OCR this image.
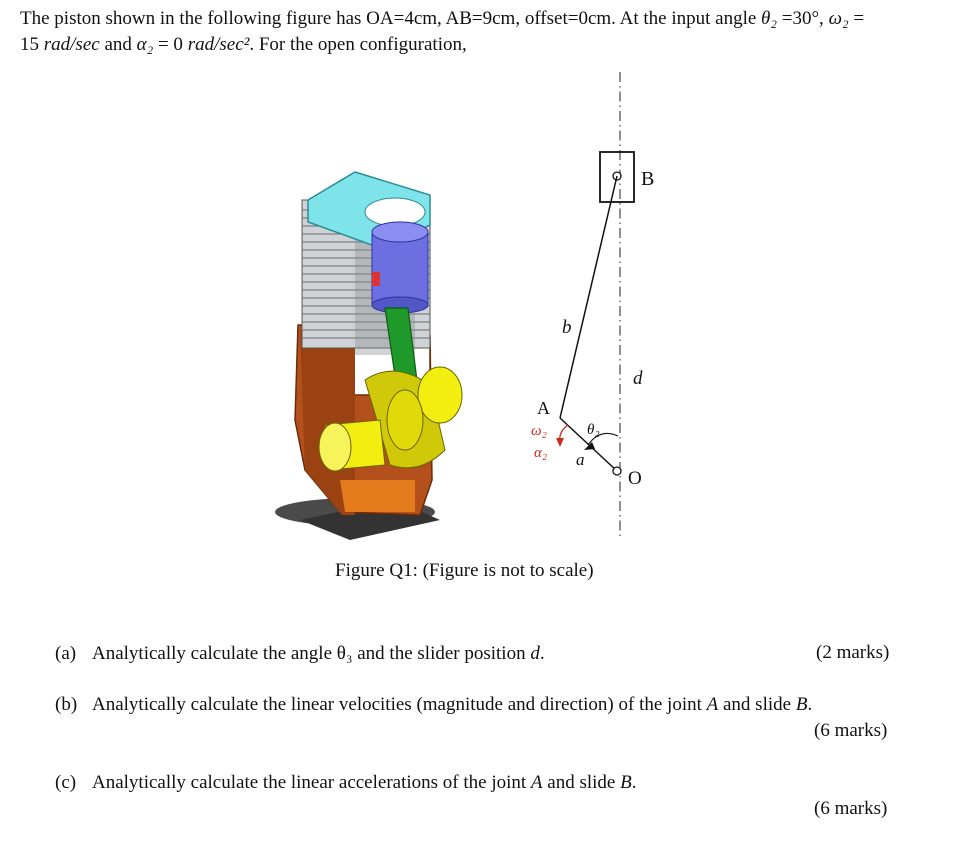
The piston shown in the following figure has OA=4cm, AB=9cm, offset=0cm. At the input angle θ₂ =30°, ω₂ =
15 rad/sec and α₂ = 0 rad/sec². For the open configuration,
B
b
d
A
ω₂
α₂
θ₂
a
O
Figure Q1: (Figure is not to scale)
(a) Analytically calculate the angle θ₃ and the slider position d.	(2 marks)
(b) Analytically calculate the linear velocities (magnitude and direction) of the joint A and slide B.
(6 marks)
(c) Analytically calculate the linear accelerations of the joint A and slide B.
(6 marks)
